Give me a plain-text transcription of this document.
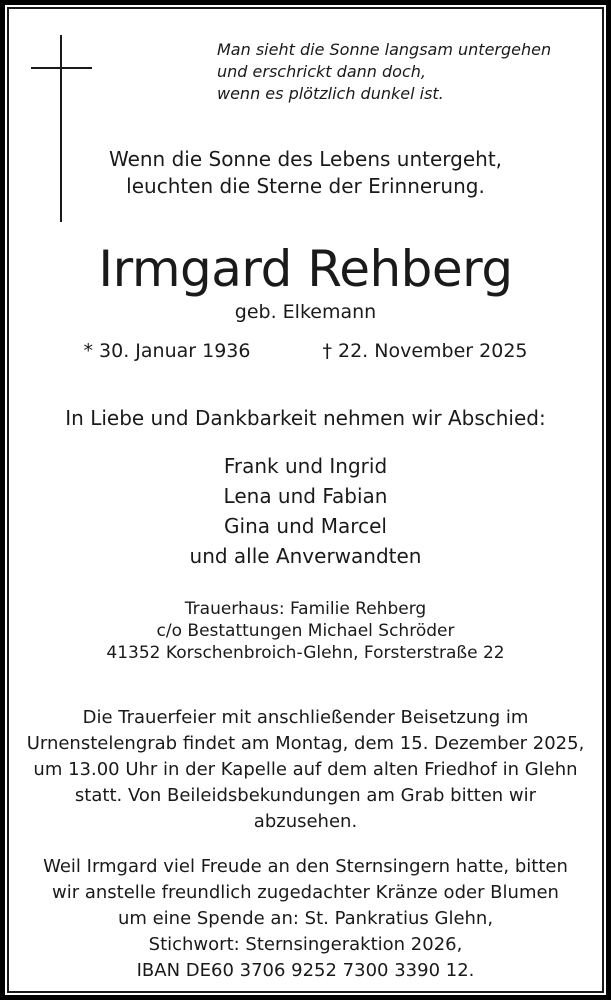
Man sieht die Sonne langsam untergehen
und erschrickt dann doch,
wenn es plötzlich dunkel ist.
Wenn die Sonne des Lebens untergeht,
leuchten die Sterne der Erinnerung.
Irmgard Rehberg
geb. Elkemann
* 30. Januar 1936	† 22. November 2025
In Liebe und Dankbarkeit nehmen wir Abschied:
Frank und Ingrid
Lena und Fabian
Gina und Marcel
und alle Anverwandten
Trauerhaus: Familie Rehberg
c/o Bestattungen Michael Schröder
41352 Korschenbroich-Glehn, Forsterstraße 22
Die Trauerfeier mit anschließender Beisetzung im
Urnenstelengrab findet am Montag, dem 15. Dezember 2025,
um 13.00 Uhr in der Kapelle auf dem alten Friedhof in Glehn
statt. Von Beileidsbekundungen am Grab bitten wir
abzusehen.
Weil Irmgard viel Freude an den Sternsingern hatte, bitten
wir anstelle freundlich zugedachter Kränze oder Blumen
um eine Spende an: St. Pankratius Glehn,
Stichwort: Sternsingeraktion 2026,
IBAN DE60 3706 9252 7300 3390 12.
